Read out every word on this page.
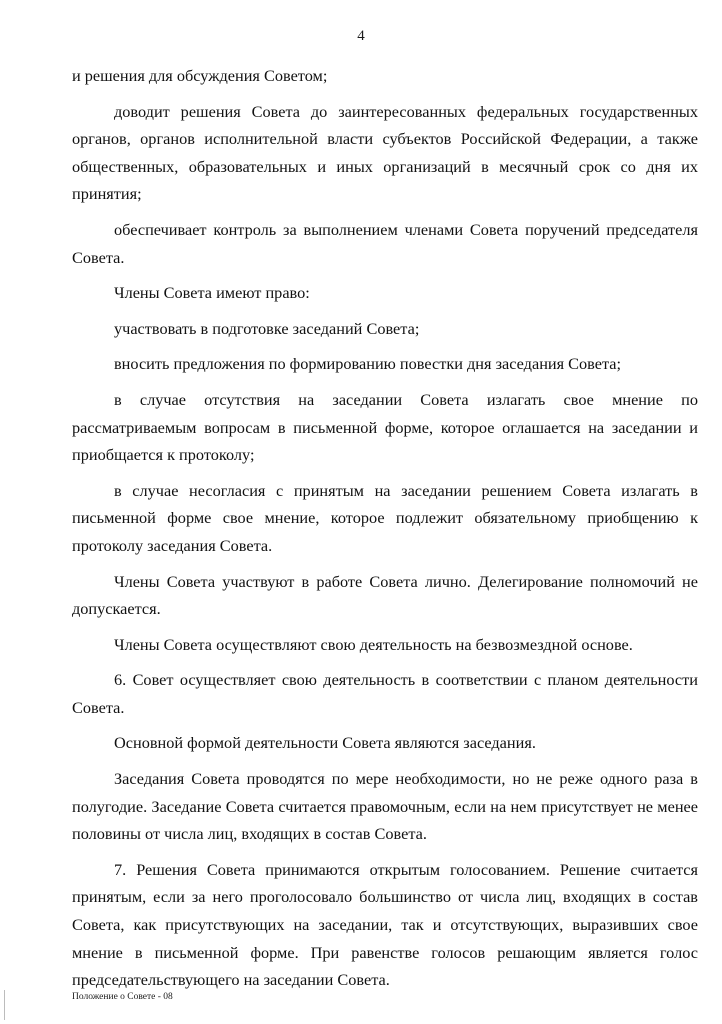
4

и решения для обсуждения Советом;

доводит решения Совета до заинтересованных федеральных государственных органов, органов исполнительной власти субъектов Российской Федерации, а также общественных, образовательных и иных организаций в месячный срок со дня их принятия;

обеспечивает контроль за выполнением членами Совета поручений председателя Совета.

Члены Совета имеют право:

участвовать в подготовке заседаний Совета;

вносить предложения по формированию повестки дня заседания Совета;

в случае отсутствия на заседании Совета излагать свое мнение по рассматриваемым вопросам в письменной форме, которое оглашается на заседании и приобщается к протоколу;

в случае несогласия с принятым на заседании решением Совета излагать в письменной форме свое мнение, которое подлежит обязательному приобщению к протоколу заседания Совета.

Члены Совета участвуют в работе Совета лично. Делегирование полномочий не допускается.

Члены Совета осуществляют свою деятельность на безвозмездной основе.

6. Совет осуществляет свою деятельность в соответствии с планом деятельности Совета.

Основной формой деятельности Совета являются заседания.

Заседания Совета проводятся по мере необходимости, но не реже одного раза в полугодие. Заседание Совета считается правомочным, если на нем присутствует не менее половины от числа лиц, входящих в состав Совета.

7. Решения Совета принимаются открытым голосованием. Решение считается принятым, если за него проголосовало большинство от числа лиц, входящих в состав Совета, как присутствующих на заседании, так и отсутствующих, выразивших свое мнение в письменной форме. При равенстве голосов решающим является голос председательствующего на заседании Совета.

Положение о Совете - 08
